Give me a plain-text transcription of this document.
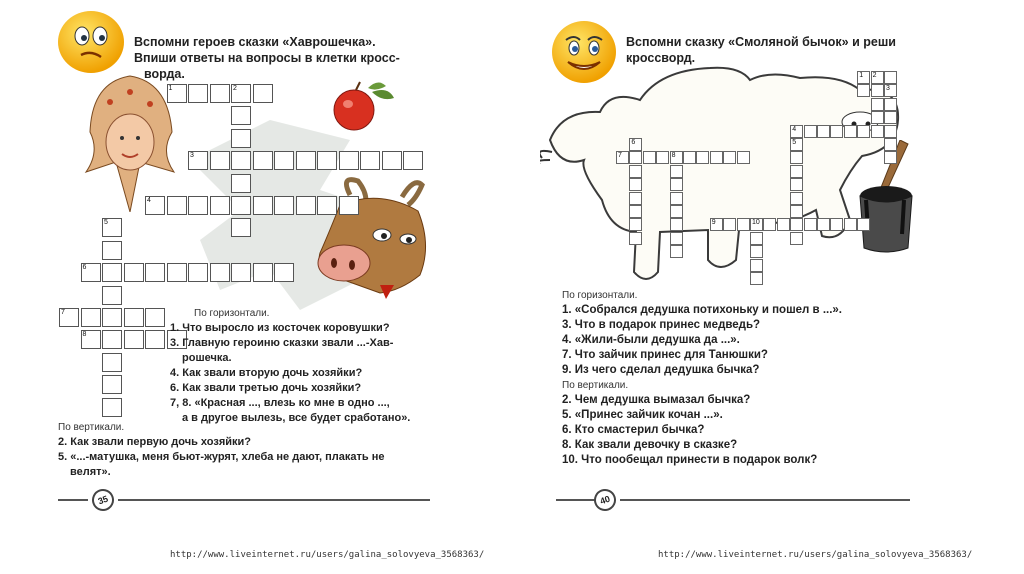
Вспомни героев сказки «Хаврошечка».
Впиши ответы на вопросы в клетки кросс-
ворда.
1	2
3
4
5
6
7
8
По горизонтали.
1. Что выросло из косточек коровушки?
3. Главную героиню сказки звали ...-Хав-
рошечка.
4. Как звали вторую дочь хозяйки?
6. Как звали третью дочь хозяйки?
7, 8. «Красная ..., влезь ко мне в одно ...,
а в другое вылезь, все будет сработано».
По вертикали.
2. Как звали первую дочь хозяйки?
5. «...-матушка, меня бьют-журят, хлеба не дают, плакать не
велят».
35
http://www.liveinternet.ru/users/galina_solovyeva_3568363/
Вспомни сказку «Смоляной бычок» и реши
кроссворд.
1 2
3
4
5
6
7	8
9	10
По горизонтали.
1. «Собрался дедушка потихоньку и пошел в ...».
3. Что в подарок принес медведь?
4. «Жили-были дедушка да ...».
7. Что зайчик принес для Танюшки?
9. Из чего сделал дедушка бычка?
По вертикали.
2. Чем дедушка вымазал бычка?
5. «Принес зайчик кочан ...».
6. Кто смастерил бычка?
8. Как звали девочку в сказке?
10. Что пообещал принести в подарок волк?
40
http://www.liveinternet.ru/users/galina_solovyeva_3568363/
